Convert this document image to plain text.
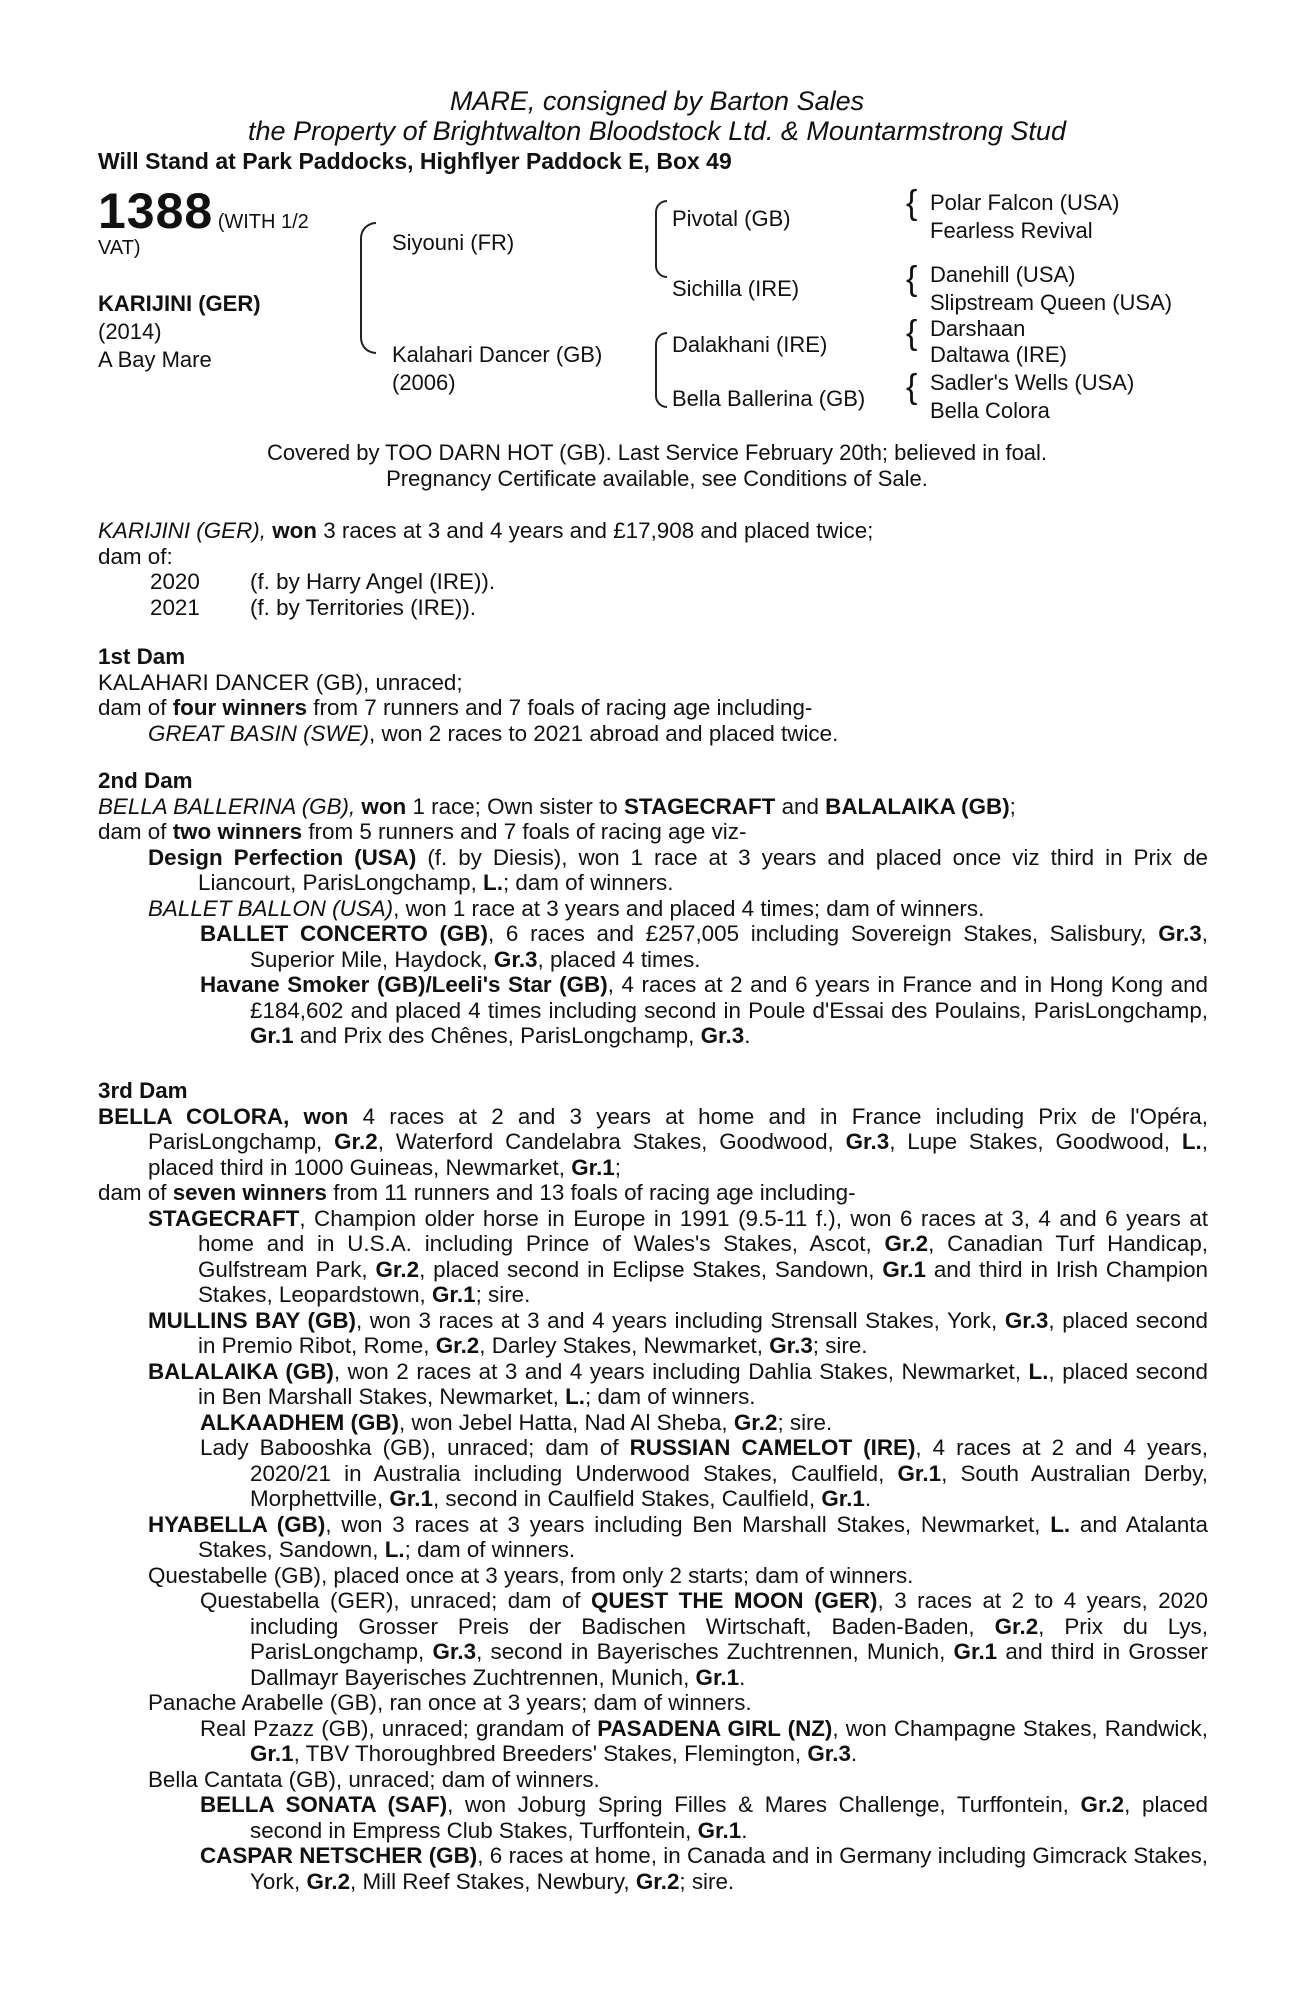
MARE, consigned by Barton Sales
the Property of Brightwalton Bloodstock Ltd. & Mountarmstrong Stud
Will Stand at Park Paddocks, Highflyer Paddock E, Box 49
1388 (WITH 1/2
VAT)
KARIJINI (GER)
(2014)
A Bay Mare
Siyouni (FR)
Kalahari Dancer (GB)
(2006)
Pivotal (GB)
Sichilla (IRE)
Dalakhani (IRE)
Bella Ballerina (GB)
{
{
{
{
Polar Falcon (USA)
Fearless Revival
Danehill (USA)
Slipstream Queen (USA)
Darshaan
Daltawa (IRE)
Sadler's Wells (USA)
Bella Colora
Covered by TOO DARN HOT (GB). Last Service February 20th; believed in foal.
Pregnancy Certificate available, see Conditions of Sale.

KARIJINI (GER), won 3 races at 3 and 4 years and £17,908 and placed twice;

dam of:

2020 (f. by Harry Angel (IRE)).

2021 (f. by Territories (IRE)).

1st Dam

KALAHARI DANCER (GB), unraced;

dam of four winners from 7 runners and 7 foals of racing age including-

GREAT BASIN (SWE), won 2 races to 2021 abroad and placed twice.

2nd Dam

BELLA BALLERINA (GB), won 1 race; Own sister to STAGECRAFT and BALALAIKA (GB);

dam of two winners from 5 runners and 7 foals of racing age viz-

Design Perfection (USA) (f. by Diesis), won 1 race at 3 years and placed once viz third in Prix de Liancourt, ParisLongchamp, L.; dam of winners.

BALLET BALLON (USA), won 1 race at 3 years and placed 4 times; dam of winners.

BALLET CONCERTO (GB), 6 races and £257,005 including Sovereign Stakes, Salisbury, Gr.3, Superior Mile, Haydock, Gr.3, placed 4 times.

Havane Smoker (GB)/Leeli's Star (GB), 4 races at 2 and 6 years in France and in Hong Kong and £184,602 and placed 4 times including second in Poule d'Essai des Poulains, ParisLongchamp, Gr.1 and Prix des Chênes, ParisLongchamp, Gr.3.

3rd Dam

BELLA COLORA, won 4 races at 2 and 3 years at home and in France including Prix de l'Opéra, ParisLongchamp, Gr.2, Waterford Candelabra Stakes, Goodwood, Gr.3, Lupe Stakes, Goodwood, L., placed third in 1000 Guineas, Newmarket, Gr.1;

dam of seven winners from 11 runners and 13 foals of racing age including-

STAGECRAFT, Champion older horse in Europe in 1991 (9.5-11 f.), won 6 races at 3, 4 and 6 years at home and in U.S.A. including Prince of Wales's Stakes, Ascot, Gr.2, Canadian Turf Handicap, Gulfstream Park, Gr.2, placed second in Eclipse Stakes, Sandown, Gr.1 and third in Irish Champion Stakes, Leopardstown, Gr.1; sire.

MULLINS BAY (GB), won 3 races at 3 and 4 years including Strensall Stakes, York, Gr.3, placed second in Premio Ribot, Rome, Gr.2, Darley Stakes, Newmarket, Gr.3; sire.

BALALAIKA (GB), won 2 races at 3 and 4 years including Dahlia Stakes, Newmarket, L., placed second in Ben Marshall Stakes, Newmarket, L.; dam of winners.

ALKAADHEM (GB), won Jebel Hatta, Nad Al Sheba, Gr.2; sire.

Lady Babooshka (GB), unraced; dam of RUSSIAN CAMELOT (IRE), 4 races at 2 and 4 years, 2020/21 in Australia including Underwood Stakes, Caulfield, Gr.1, South Australian Derby, Morphettville, Gr.1, second in Caulfield Stakes, Caulfield, Gr.1.

HYABELLA (GB), won 3 races at 3 years including Ben Marshall Stakes, Newmarket, L. and Atalanta Stakes, Sandown, L.; dam of winners.

Questabelle (GB), placed once at 3 years, from only 2 starts; dam of winners.

Questabella (GER), unraced; dam of QUEST THE MOON (GER), 3 races at 2 to 4 years, 2020 including Grosser Preis der Badischen Wirtschaft, Baden-Baden, Gr.2, Prix du Lys, ParisLongchamp, Gr.3, second in Bayerisches Zuchtrennen, Munich, Gr.1 and third in Grosser Dallmayr Bayerisches Zuchtrennen, Munich, Gr.1.

Panache Arabelle (GB), ran once at 3 years; dam of winners.

Real Pzazz (GB), unraced; grandam of PASADENA GIRL (NZ), won Champagne Stakes, Randwick, Gr.1, TBV Thoroughbred Breeders' Stakes, Flemington, Gr.3.

Bella Cantata (GB), unraced; dam of winners.

BELLA SONATA (SAF), won Joburg Spring Filles & Mares Challenge, Turffontein, Gr.2, placed second in Empress Club Stakes, Turffontein, Gr.1.

CASPAR NETSCHER (GB), 6 races at home, in Canada and in Germany including Gimcrack Stakes, York, Gr.2, Mill Reef Stakes, Newbury, Gr.2; sire.
